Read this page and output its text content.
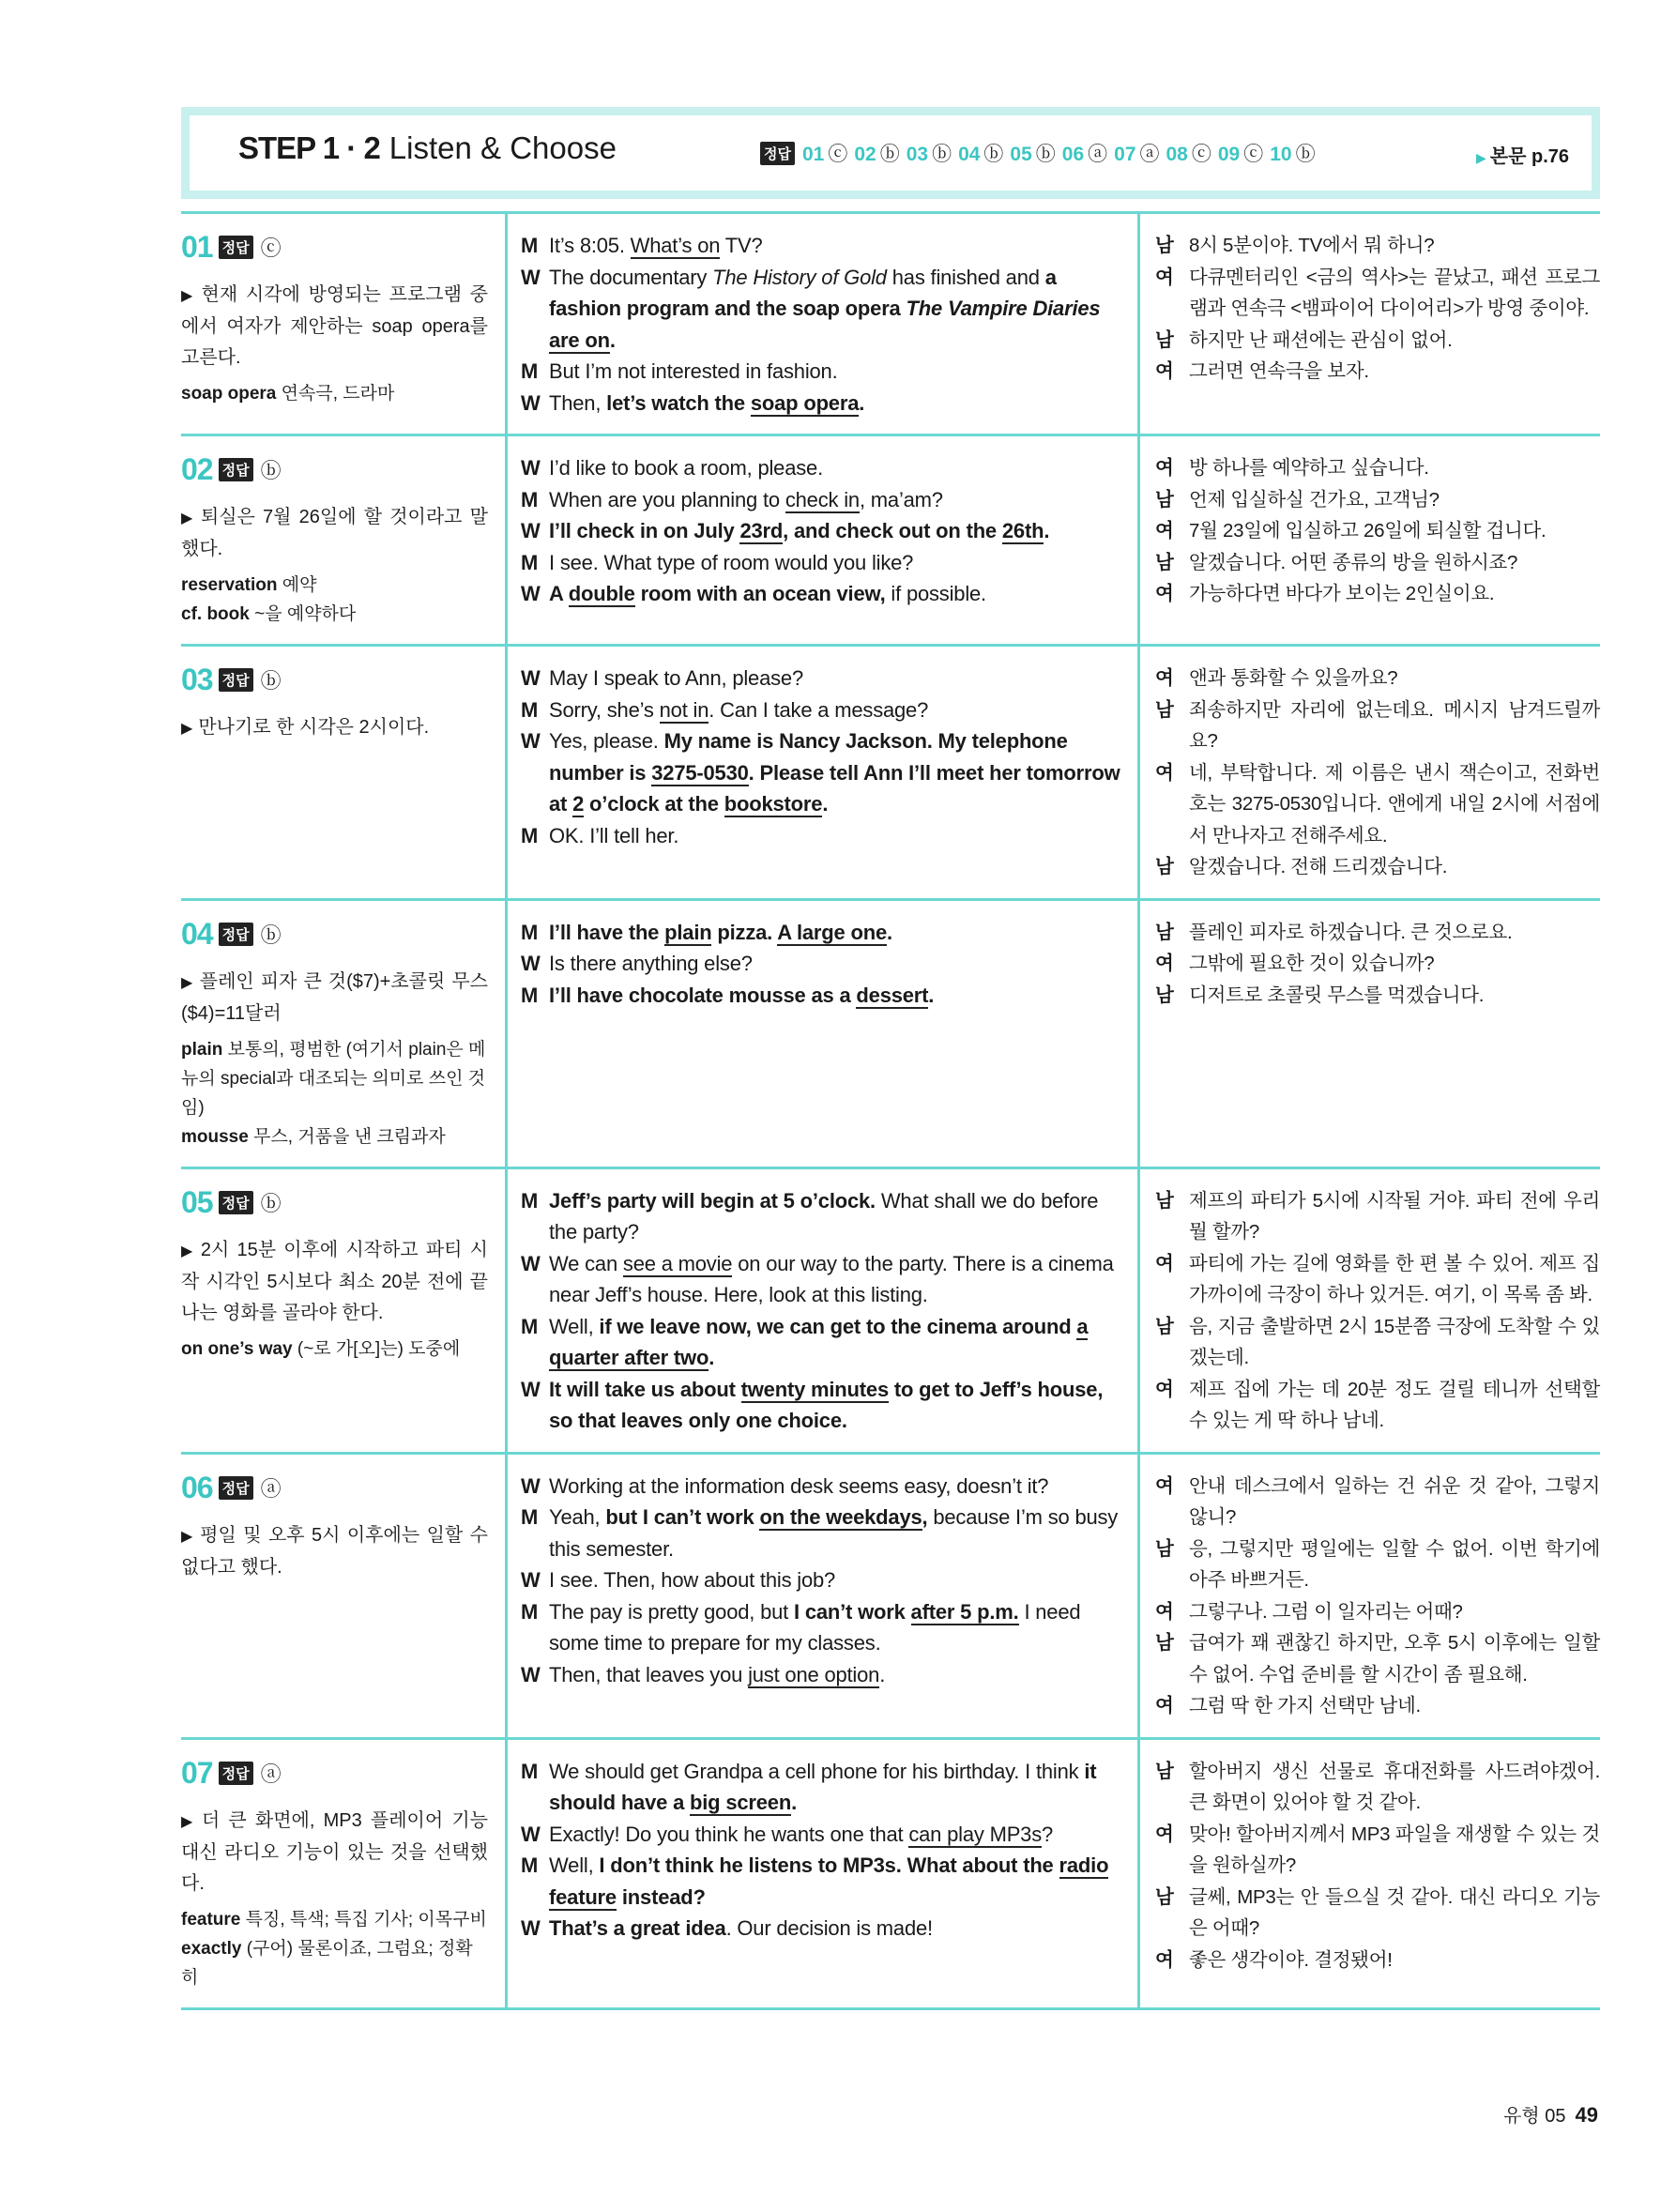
STEP 1 · 2 Listen & Choose	정답 01 ⓒ 02 ⓑ 03 ⓑ 04 ⓑ 05 ⓑ 06 ⓐ 07 ⓐ 08 ⓒ 09 ⓒ 10 ⓑ	▶ 본문 p.76
01 정답 ⓒ

▶ 현재 시각에 방영되는 프로그램 중에서 여자가 제안하는 soap opera를 고른다.

soap opera 연속극, 드라마

M It’s 8:05. What’s on TV?
W The documentary The History of Gold has finished and a fashion program and the soap opera The Vampire Diaries are on.
M But I’m not interested in fashion.
W Then, let’s watch the soap opera.
남 8시 5분이야. TV에서 뭐 하니?
여 다큐멘터리인 <금의 역사>는 끝났고, 패션 프로그램과 연속극 <뱀파이어 다이어리>가 방영 중이야.
남 하지만 난 패션에는 관심이 없어.
여 그러면 연속극을 보자.
02 정답 ⓑ

▶ 퇴실은 7월 26일에 할 것이라고 말했다.

reservation 예약

cf. book ~을 예약하다

W I’d like to book a room, please.
M When are you planning to check in, ma’am?
W I’ll check in on July 23rd, and check out on the 26th.
M I see. What type of room would you like?
W A double room with an ocean view, if possible.
여 방 하나를 예약하고 싶습니다.
남 언제 입실하실 건가요, 고객님?
여 7월 23일에 입실하고 26일에 퇴실할 겁니다.
남 알겠습니다. 어떤 종류의 방을 원하시죠?
여 가능하다면 바다가 보이는 2인실이요.
03 정답 ⓑ

▶ 만나기로 한 시각은 2시이다.

W May I speak to Ann, please?
M Sorry, she’s not in. Can I take a message?
W Yes, please. My name is Nancy Jackson. My telephone number is 3275-0530. Please tell Ann I’ll meet her tomorrow at 2 o’clock at the bookstore.
M OK. I’ll tell her.
여 앤과 통화할 수 있을까요?
남 죄송하지만 자리에 없는데요. 메시지 남겨드릴까요?
여 네, 부탁합니다. 제 이름은 낸시 잭슨이고, 전화번호는 3275-0530입니다. 앤에게 내일 2시에 서점에서 만나자고 전해주세요.
남 알겠습니다. 전해 드리겠습니다.
04 정답 ⓑ

▶ 플레인 피자 큰 것($7)+초콜릿 무스($4)=11달러

plain 보통의, 평범한 (여기서 plain은 메뉴의 special과 대조되는 의미로 쓰인 것임)

mousse 무스, 거품을 낸 크림과자

M I’ll have the plain pizza. A large one.
W Is there anything else?
M I’ll have chocolate mousse as a dessert.
남 플레인 피자로 하겠습니다. 큰 것으로요.
여 그밖에 필요한 것이 있습니까?
남 디저트로 초콜릿 무스를 먹겠습니다.
05 정답 ⓑ

▶ 2시 15분 이후에 시작하고 파티 시작 시각인 5시보다 최소 20분 전에 끝나는 영화를 골라야 한다.

on one’s way (~로 가[오]는) 도중에

M Jeff’s party will begin at 5 o’clock. What shall we do before the party?
W We can see a movie on our way to the party. There is a cinema near Jeff’s house. Here, look at this listing.
M Well, if we leave now, we can get to the cinema around a quarter after two.
W It will take us about twenty minutes to get to Jeff’s house, so that leaves only one choice.
남 제프의 파티가 5시에 시작될 거야. 파티 전에 우리 뭘 할까?
여 파티에 가는 길에 영화를 한 편 볼 수 있어. 제프 집 가까이에 극장이 하나 있거든. 여기, 이 목록 좀 봐.
남 음, 지금 출발하면 2시 15분쯤 극장에 도착할 수 있겠는데.
여 제프 집에 가는 데 20분 정도 걸릴 테니까 선택할 수 있는 게 딱 하나 남네.
06 정답 ⓐ

▶ 평일 및 오후 5시 이후에는 일할 수 없다고 했다.

W Working at the information desk seems easy, doesn’t it?
M Yeah, but I can’t work on the weekdays, because I’m so busy this semester.
W I see. Then, how about this job?
M The pay is pretty good, but I can’t work after 5 p.m. I need some time to prepare for my classes.
W Then, that leaves you just one option.
여 안내 데스크에서 일하는 건 쉬운 것 같아, 그렇지 않니?
남 응, 그렇지만 평일에는 일할 수 없어. 이번 학기에 아주 바쁘거든.
여 그렇구나. 그럼 이 일자리는 어때?
남 급여가 꽤 괜찮긴 하지만, 오후 5시 이후에는 일할 수 없어. 수업 준비를 할 시간이 좀 필요해.
여 그럼 딱 한 가지 선택만 남네.
07 정답 ⓐ

▶ 더 큰 화면에, MP3 플레이어 기능 대신 라디오 기능이 있는 것을 선택했다.

feature 특징, 특색; 특집 기사; 이목구비

exactly (구어) 물론이죠, 그럼요; 정확히

M We should get Grandpa a cell phone for his birthday. I think it should have a big screen.
W Exactly! Do you think he wants one that can play MP3s?
M Well, I don’t think he listens to MP3s. What about the radio feature instead?
W That’s a great idea. Our decision is made!
남 할아버지 생신 선물로 휴대전화를 사드려야겠어. 큰 화면이 있어야 할 것 같아.
여 맞아! 할아버지께서 MP3 파일을 재생할 수 있는 것을 원하실까?
남 글쎄, MP3는 안 들으실 것 같아. 대신 라디오 기능은 어때?
여 좋은 생각이야. 결정됐어!
유형 05 49
